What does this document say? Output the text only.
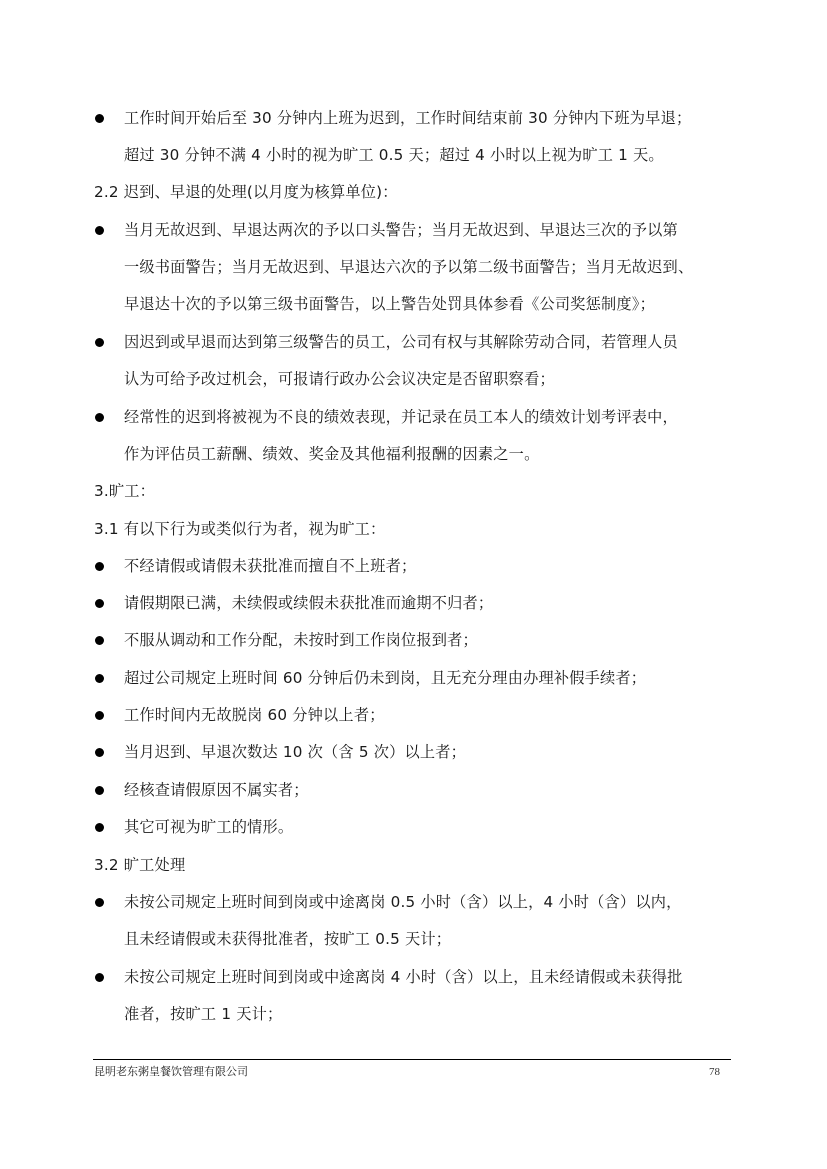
工作时间开始后至 30 分钟内上班为迟到，工作时间结束前 30 分钟内下班为早退；
超过 30 分钟不满 4 小时的视为旷工 0.5 天；超过 4 小时以上视为旷工 1 天。
2.2 迟到、早退的处理(以月度为核算单位)：
当月无故迟到、早退达两次的予以口头警告；当月无故迟到、早退达三次的予以第
一级书面警告；当月无故迟到、早退达六次的予以第二级书面警告；当月无故迟到、
早退达十次的予以第三级书面警告，以上警告处罚具体参看《公司奖惩制度》；
因迟到或早退而达到第三级警告的员工，公司有权与其解除劳动合同，若管理人员
认为可给予改过机会，可报请行政办公会议决定是否留职察看；
经常性的迟到将被视为不良的绩效表现，并记录在员工本人的绩效计划考评表中，
作为评估员工薪酬、绩效、奖金及其他福利报酬的因素之一。
3.旷工：
3.1 有以下行为或类似行为者，视为旷工：
不经请假或请假未获批准而擅自不上班者；
请假期限已满，未续假或续假未获批准而逾期不归者；
不服从调动和工作分配，未按时到工作岗位报到者；
超过公司规定上班时间 60 分钟后仍未到岗，且无充分理由办理补假手续者；
工作时间内无故脱岗 60 分钟以上者；
当月迟到、早退次数达 10 次（含 5 次）以上者；
经核查请假原因不属实者；
其它可视为旷工的情形。
3.2 旷工处理
未按公司规定上班时间到岗或中途离岗 0.5 小时（含）以上，4 小时（含）以内，
且未经请假或未获得批准者，按旷工 0.5 天计；
未按公司规定上班时间到岗或中途离岗 4 小时（含）以上，且未经请假或未获得批
准者，按旷工 1 天计；
昆明老东粥皇餐饮管理有限公司	78
